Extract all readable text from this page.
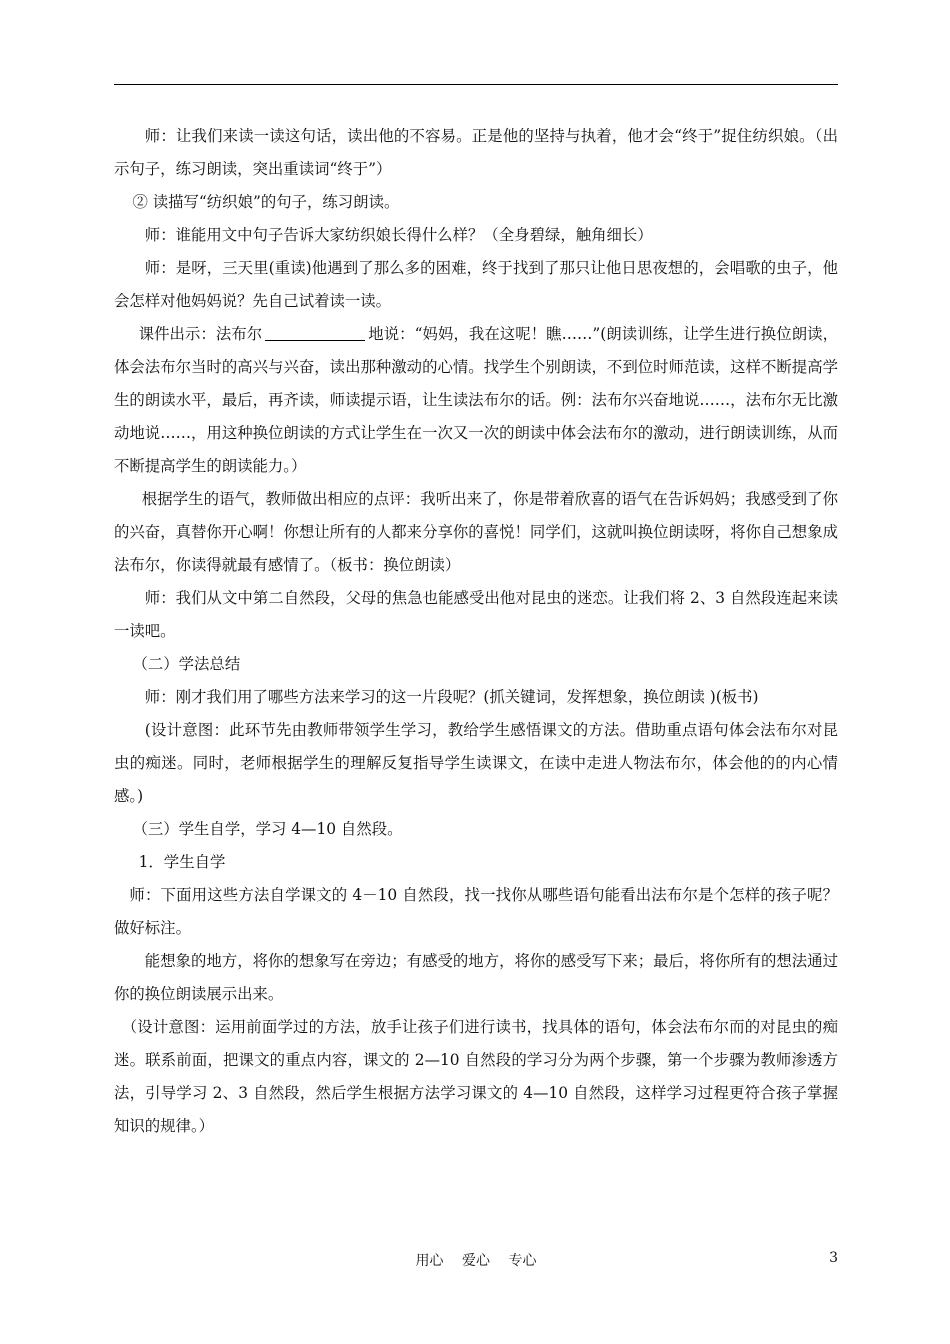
师：让我们来读一读这句话，读出他的不容易。正是他的坚持与执着，他才会“终于”捉住纺织娘。（出示句子，练习朗读，突出重读词“终于”）

② 读描写“纺织娘”的句子，练习朗读。

师：谁能用文中句子告诉大家纺织娘长得什么样？（全身碧绿，触角细长）

师：是呀，三天里(重读)他遇到了那么多的困难，终于找到了那只让他日思夜想的，会唱歌的虫子，他会怎样对他妈妈说？先自己试着读一读。

课件出示：法布尔	地说：“妈妈，我在这呢！瞧……”(朗读训练，让学生进行换位朗读，体会法布尔当时的高兴与兴奋，读出那种激动的心情。找学生个别朗读，不到位时师范读，这样不断提高学生的朗读水平，最后，再齐读，师读提示语，让生读法布尔的话。例：法布尔兴奋地说……，法布尔无比激动地说……，用这种换位朗读的方式让学生在一次又一次的朗读中体会法布尔的激动，进行朗读训练，从而不断提高学生的朗读能力。）

根据学生的语气，教师做出相应的点评：我听出来了，你是带着欣喜的语气在告诉妈妈；我感受到了你的兴奋，真替你开心啊！你想让所有的人都来分享你的喜悦！同学们，这就叫换位朗读呀，将你自己想象成法布尔，你读得就最有感情了。（板书：换位朗读）

师：我们从文中第二自然段，父母的焦急也能感受出他对昆虫的迷恋。让我们将 2、3 自然段连起来读一读吧。

（二）学法总结

师：刚才我们用了哪些方法来学习的这一片段呢？(抓关键词，发挥想象，换位朗读 )(板书)

(设计意图：此环节先由教师带领学生学习，教给学生感悟课文的方法。借助重点语句体会法布尔对昆虫的痴迷。同时，老师根据学生的理解反复指导学生读课文，在读中走进人物法布尔，体会他的的内心情感。)

（三）学生自学，学习 4—10 自然段。

1．学生自学

师：下面用这些方法自学课文的 4－10 自然段，找一找你从哪些语句能看出法布尔是个怎样的孩子呢？做好标注。

能想象的地方，将你的想象写在旁边；有感受的地方，将你的感受写下来；最后，将你所有的想法通过你的换位朗读展示出来。

（设计意图：运用前面学过的方法，放手让孩子们进行读书，找具体的语句，体会法布尔而的对昆虫的痴迷。联系前面，把课文的重点内容，课文的 2—10 自然段的学习分为两个步骤，第一个步骤为教师渗透方法，引导学习 2、3 自然段，然后学生根据方法学习课文的 4—10 自然段，这样学习过程更符合孩子掌握知识的规律。）

用心　 爱心　 专心	3
